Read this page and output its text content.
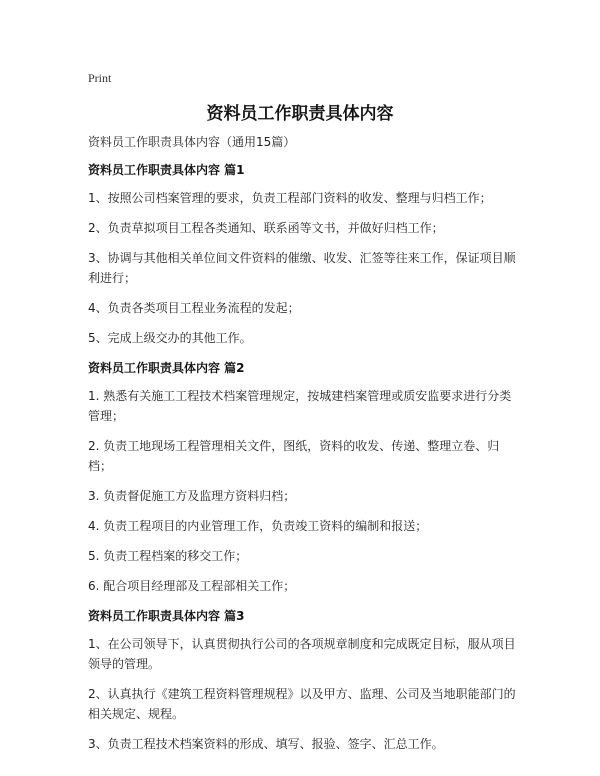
Print
资料员工作职责具体内容
资料员工作职责具体内容（通用15篇）
资料员工作职责具体内容 篇1

1、按照公司档案管理的要求，负责工程部门资料的收发、整理与归档工作；

2、负责草拟项目工程各类通知、联系函等文书，并做好归档工作；

3、协调与其他相关单位间文件资料的催缴、收发、汇签等往来工作，保证项目顺利进行；

4、负责各类项目工程业务流程的发起；

5、完成上级交办的其他工作。

资料员工作职责具体内容 篇2

1. 熟悉有关施工工程技术档案管理规定，按城建档案管理或质安监要求进行分类管理；

2. 负责工地现场工程管理相关文件，图纸，资料的收发、传递、整理立卷、归档；

3. 负责督促施工方及监理方资料归档；

4. 负责工程项目的内业管理工作，负责竣工资料的编制和报送；

5. 负责工程档案的移交工作；

6. 配合项目经理部及工程部相关工作；

资料员工作职责具体内容 篇3

1、在公司领导下，认真贯彻执行公司的各项规章制度和完成既定目标，服从项目领导的管理。

2、认真执行《建筑工程资料管理规程》以及甲方、监理、公司及当地职能部门的相关规定、规程。

3、负责工程技术档案资料的形成、填写、报验、签字、汇总工作。
